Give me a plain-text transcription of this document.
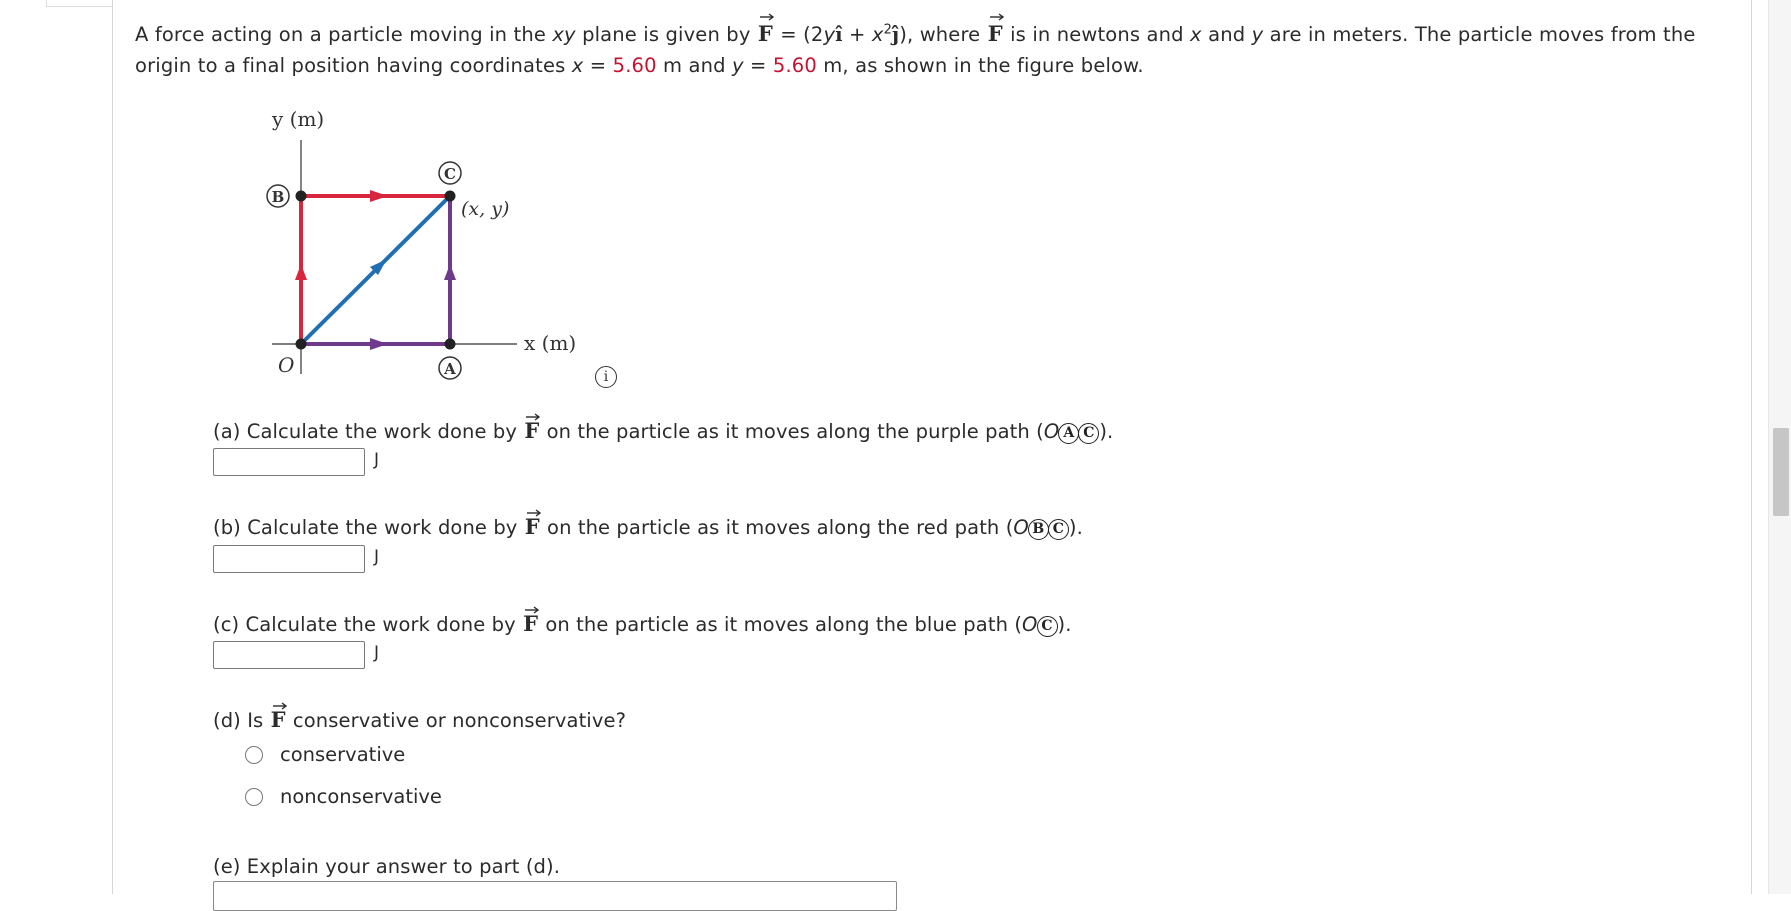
A force acting on a particle moving in the xy plane is given by
F = (2yî + $x^2ĵ$), where
F is in newtons and x and y are in meters. The particle moves from the origin to a final position having coordinates x = 5.60 m and y = 5.60 m, as shown in the figure below.
y (m)
x (m)
O
B
C
A
(x, y)
i
(a) Calculate the work done by
F on the particle as it moves along the purple path (O A C ).
J
(b) Calculate the work done by
F on the particle as it moves along the red path (O B C ).
J
(c) Calculate the work done by
F on the particle as it moves along the blue path (O C ).
J
(d) Is
F conservative or nonconservative?
conservative
nonconservative
(e) Explain your answer to part (d).
